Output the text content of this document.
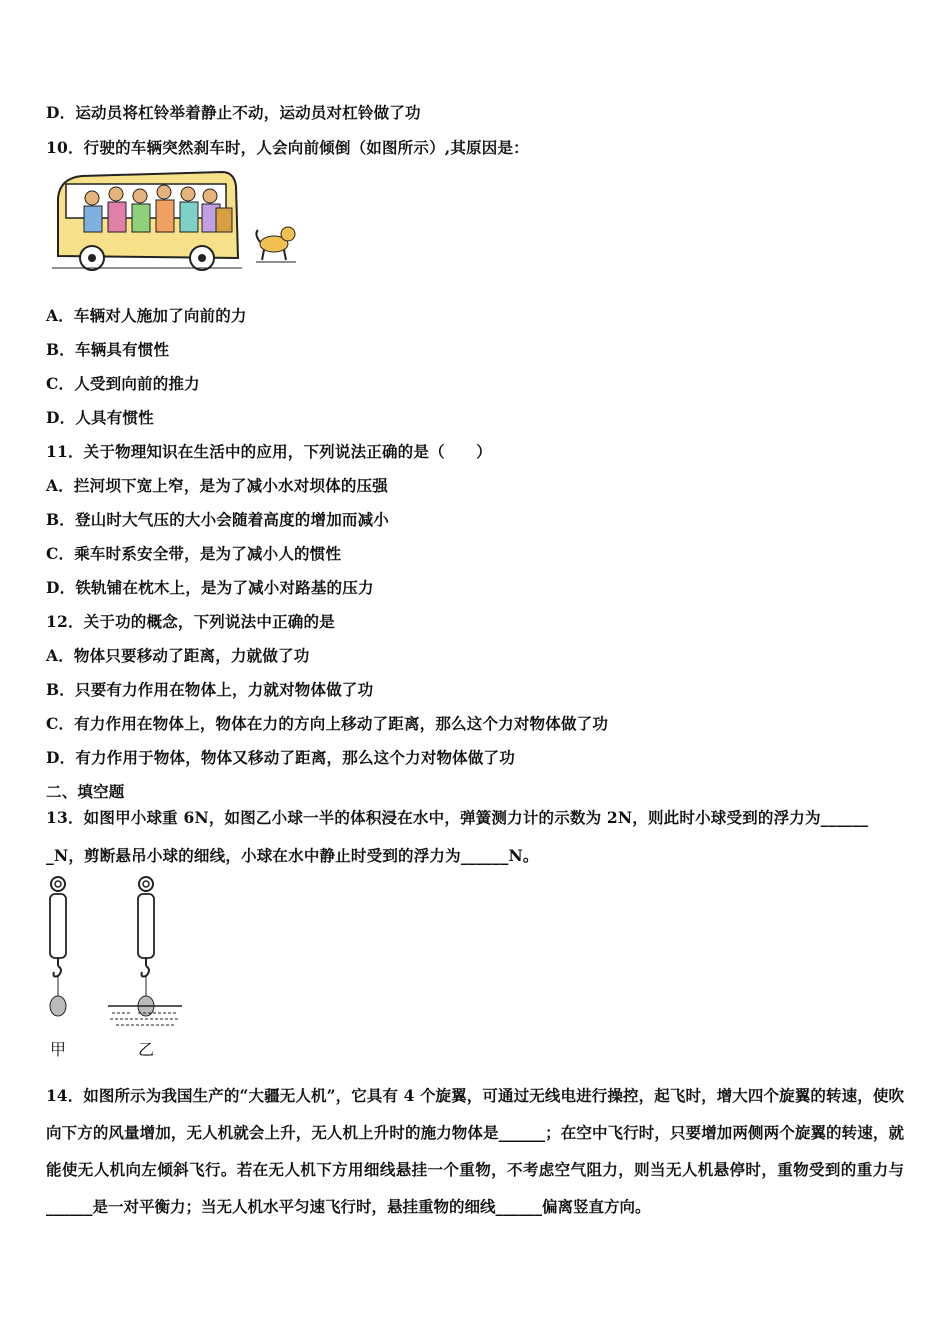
D．运动员将杠铃举着静止不动，运动员对杠铃做了功
10．行驶的车辆突然刹车时，人会向前倾倒（如图所示）,其原因是：
A．车辆对人施加了向前的力
B．车辆具有惯性
C．人受到向前的推力
D．人具有惯性
11．关于物理知识在生活中的应用，下列说法正确的是（　　）
A．拦河坝下宽上窄，是为了减小水对坝体的压强
B．登山时大气压的大小会随着高度的增加而减小
C．乘车时系安全带，是为了减小人的惯性
D．铁轨铺在枕木上，是为了减小对路基的压力
12．关于功的概念，下列说法中正确的是
A．物体只要移动了距离，力就做了功
B．只要有力作用在物体上，力就对物体做了功
C．有力作用在物体上，物体在力的方向上移动了距离，那么这个力对物体做了功
D．有力作用于物体，物体又移动了距离，那么这个力对物体做了功
二、填空题
13．如图甲小球重 6N，如图乙小球一半的体积浸在水中，弹簧测力计的示数为 2N，则此时小球受到的浮力为______
_N，剪断悬吊小球的细线，小球在水中静止时受到的浮力为______N。
甲	乙
14．如图所示为我国生产的“大疆无人机”，它具有 4 个旋翼，可通过无线电进行操控，起飞时，增大四个旋翼的转速，使吹向下方的风量增加，无人机就会上升，无人机上升时的施力物体是______；在空中飞行时，只要增加两侧两个旋翼的转速，就能使无人机向左倾斜飞行。若在无人机下方用细线悬挂一个重物，不考虑空气阻力，则当无人机悬停时，重物受到的重力与______是一对平衡力；当无人机水平匀速飞行时，悬挂重物的细线______偏离竖直方向。
